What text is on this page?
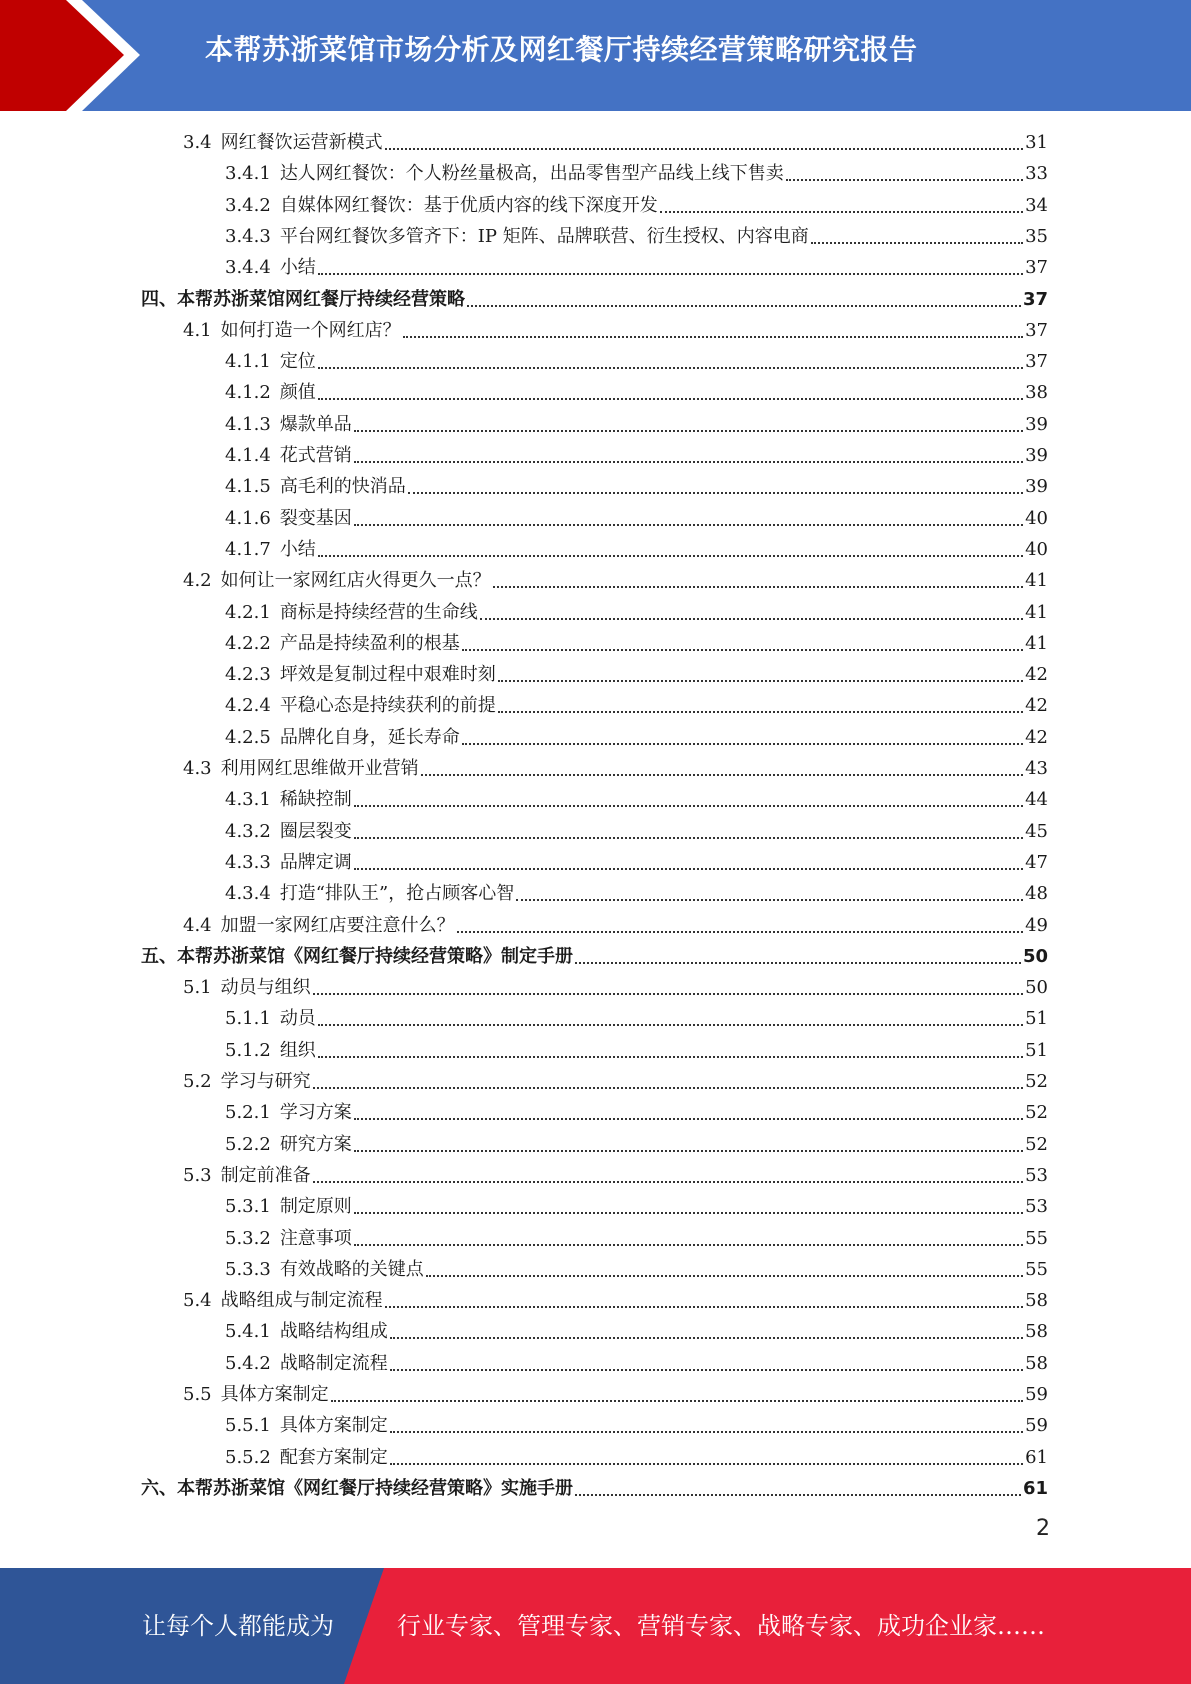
本帮苏浙菜馆市场分析及网红餐厅持续经营策略研究报告
3.4 网红餐饮运营新模式	31
3.4.1 达人网红餐饮：个人粉丝量极高，出品零售型产品线上线下售卖	33
3.4.2 自媒体网红餐饮：基于优质内容的线下深度开发	34
3.4.3 平台网红餐饮多管齐下：IP 矩阵、品牌联营、衍生授权、内容电商	35
3.4.4 小结	37
四、本帮苏浙菜馆网红餐厅持续经营策略	37
4.1 如何打造一个网红店？	37
4.1.1 定位	37
4.1.2 颜值	38
4.1.3 爆款单品	39
4.1.4 花式营销	39
4.1.5 高毛利的快消品	39
4.1.6 裂变基因	40
4.1.7 小结	40
4.2 如何让一家网红店火得更久一点？	41
4.2.1 商标是持续经营的生命线	41
4.2.2 产品是持续盈利的根基	41
4.2.3 坪效是复制过程中艰难时刻	42
4.2.4 平稳心态是持续获利的前提	42
4.2.5 品牌化自身，延长寿命	42
4.3 利用网红思维做开业营销	43
4.3.1 稀缺控制	44
4.3.2 圈层裂变	45
4.3.3 品牌定调	47
4.3.4 打造“排队王”，抢占顾客心智	48
4.4 加盟一家网红店要注意什么？	49
五、本帮苏浙菜馆《网红餐厅持续经营策略》制定手册	50
5.1 动员与组织	50
5.1.1 动员	51
5.1.2 组织	51
5.2 学习与研究	52
5.2.1 学习方案	52
5.2.2 研究方案	52
5.3 制定前准备	53
5.3.1 制定原则	53
5.3.2 注意事项	55
5.3.3 有效战略的关键点	55
5.4 战略组成与制定流程	58
5.4.1 战略结构组成	58
5.4.2 战略制定流程	58
5.5 具体方案制定	59
5.5.1 具体方案制定	59
5.5.2 配套方案制定	61
六、本帮苏浙菜馆《网红餐厅持续经营策略》实施手册	61
2
让每个人都能成为	行业专家、管理专家、营销专家、战略专家、成功企业家……
